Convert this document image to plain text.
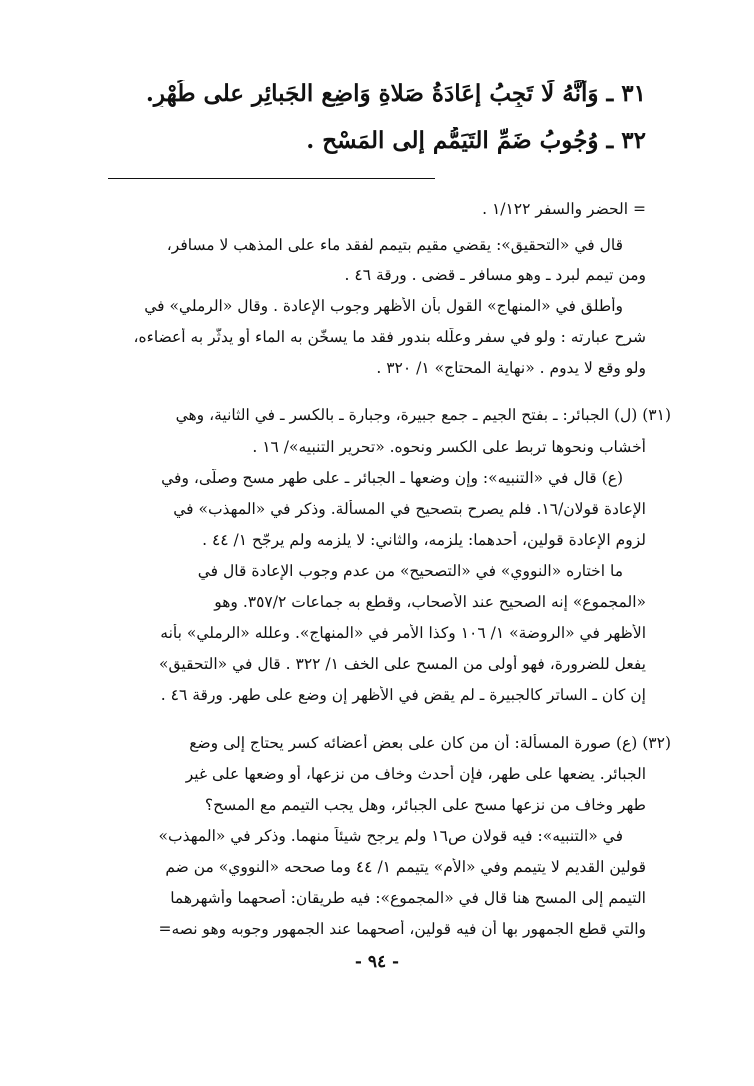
٣١ ـ وَأَنَّهُ لَا تَجِبُ إِعَادَةُ صَلاةِ وَاضِعِ الجَبائِرِ على طُهْرٍ.
٣٢ ـ وُجُوبُ ضَمِّ التَيَمُّمِ إلى المَسْحِ .
= الحضر والسفر ١/١٢٢ .
قال في «التحقيق»: يقضي مقيم بتيمم لفقد ماء على المذهب لا مسافر،
ومن تيمم لبرد ـ وهو مسافر ـ قضى . ورقة ٤٦ .
وأطلق في «المنهاج» القول بأن الأظهر وجوب الإعادة . وقال «الرملي» في
شرح عبارته : ولو في سفر وعلّله بندور فقد ما يسخّن به الماء أو يدثّر به أعضاءه،
ولو وقع لا يدوم . «نهاية المحتاج» ١/ ٣٢٠ .
(٣١) (ل) الجبائر: ـ بفتح الجيم ـ جمع جبيرة، وجبارة ـ بالكسر ـ في الثانية، وهي
أخشاب ونحوها تربط على الكسر ونحوه. «تحرير التنبيه»/ ١٦ .
(ع) قال في «التنبيه»: وإن وضعها ـ الجبائر ـ على طهر مسح وصلّى، وفي
الإعادة قولان/١٦. فلم يصرح بتصحيح في المسألة. وذكر في «المهذب» في
لزوم الإعادة قولين، أحدهما: يلزمه، والثاني: لا يلزمه ولم يرجّح ١/ ٤٤ .
ما اختاره «النووي» في «التصحيح» من عدم وجوب الإعادة قال في
«المجموع» إنه الصحيح عند الأصحاب، وقطع به جماعات ٣٥٧/٢. وهو
الأظهر في «الروضة» ١/ ١٠٦ وكذا الأمر في «المنهاج». وعلله «الرملي» بأنه
يفعل للضرورة، فهو أولى من المسح على الخف ١/ ٣٢٢ . قال في «التحقيق»
إن كان ـ الساتر كالجبيرة ـ لم يقض في الأظهر إن وضع على طهر. ورقة ٤٦ .
(٣٢) (ع) صورة المسألة: أن من كان على بعض أعضائه كسر يحتاج إلى وضع
الجبائر. يضعها على طهر، فإن أحدث وخاف من نزعها، أو وضعها على غير
طهر وخاف من نزعها مسح على الجبائر، وهل يجب التيمم مع المسح؟
في «التنبيه»: فيه قولان ص١٦ ولم يرجح شيئاً منهما. وذكر في «المهذب»
قولين القديم لا يتيمم وفي «الأم» يتيمم ١/ ٤٤ وما صححه «النووي» من ضم
التيمم إلى المسح هنا قال في «المجموع»: فيه طريقان: أصحهما وأشهرهما
والتي قطع الجمهور بها أن فيه قولين، أصحهما عند الجمهور وجوبه وهو نصه=
- ٩٤ -
